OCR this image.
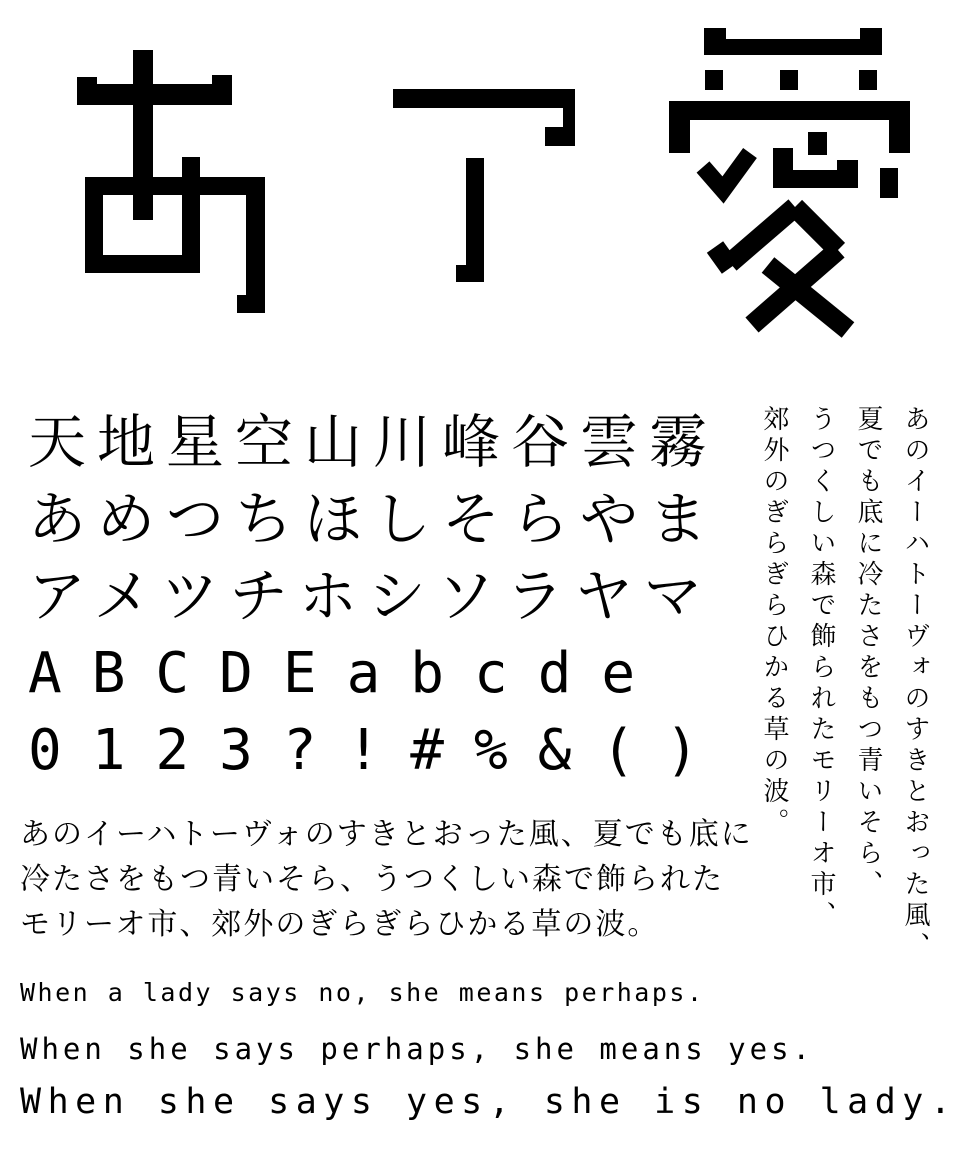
天地星空山川峰谷雲霧
あめつちほしそらやま
アメツチホシソラヤマ
ABCDEabcde
0123?!#%&()	あのイーハトーヴォのすきとおった風、
夏でも底に冷たさをもつ青いそら、
うつくしい森で飾られたモリーオ市、
郊外のぎらぎらひかる草の波。
あのイーハトーヴォのすきとおった風、夏でも底に
冷たさをもつ青いそら、うつくしい森で飾られた
モリーオ市、郊外のぎらぎらひかる草の波。
When a lady says no, she means perhaps.
When she says perhaps, she means yes.
When she says yes, she is no lady.
